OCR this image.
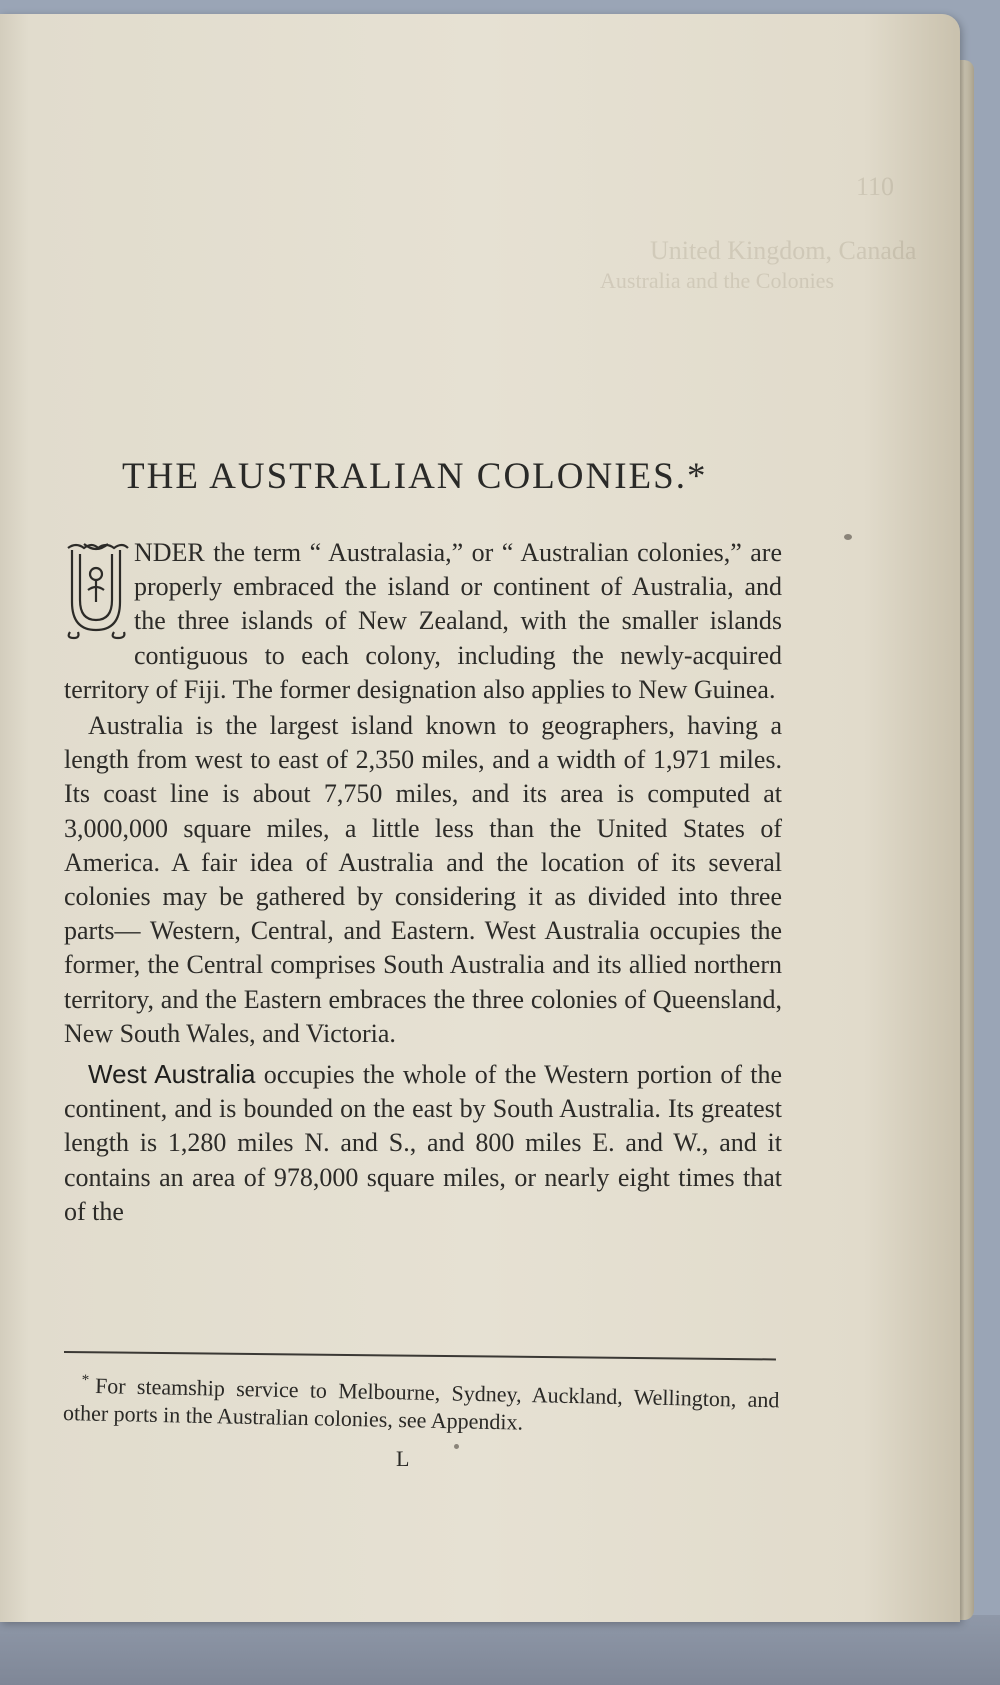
110
United Kingdom, Canada
Australia and the Colonies
THE AUSTRALIAN COLONIES.*

NDER the term “ Australasia,” or “ Australian colonies,” are properly embraced the island or continent of Australia, and the three islands of New Zealand, with the smaller islands contiguous to each colony, including the newly-acquired territory of Fiji. The former designation also applies to New Guinea.

Australia is the largest island known to geographers, having a length from west to east of 2,350 miles, and a width of 1,971 miles. Its coast line is about 7,750 miles, and its area is computed at 3,000,000 square miles, a little less than the United States of America. A fair idea of Australia and the location of its several colonies may be gathered by considering it as divided into three parts— Western, Central, and Eastern. West Australia occupies the former, the Central comprises South Australia and its allied northern territory, and the Eastern embraces the three colonies of Queensland, New South Wales, and Victoria.

West Australia occupies the whole of the Western portion of the continent, and is bounded on the east by South Australia. Its greatest length is 1,280 miles N. and S., and 800 miles E. and W., and it contains an area of 978,000 square miles, or nearly eight times that of the

* For steamship service to Melbourne, Sydney, Auckland, Wellington, and other ports in the Australian colonies, see Appendix.
L
